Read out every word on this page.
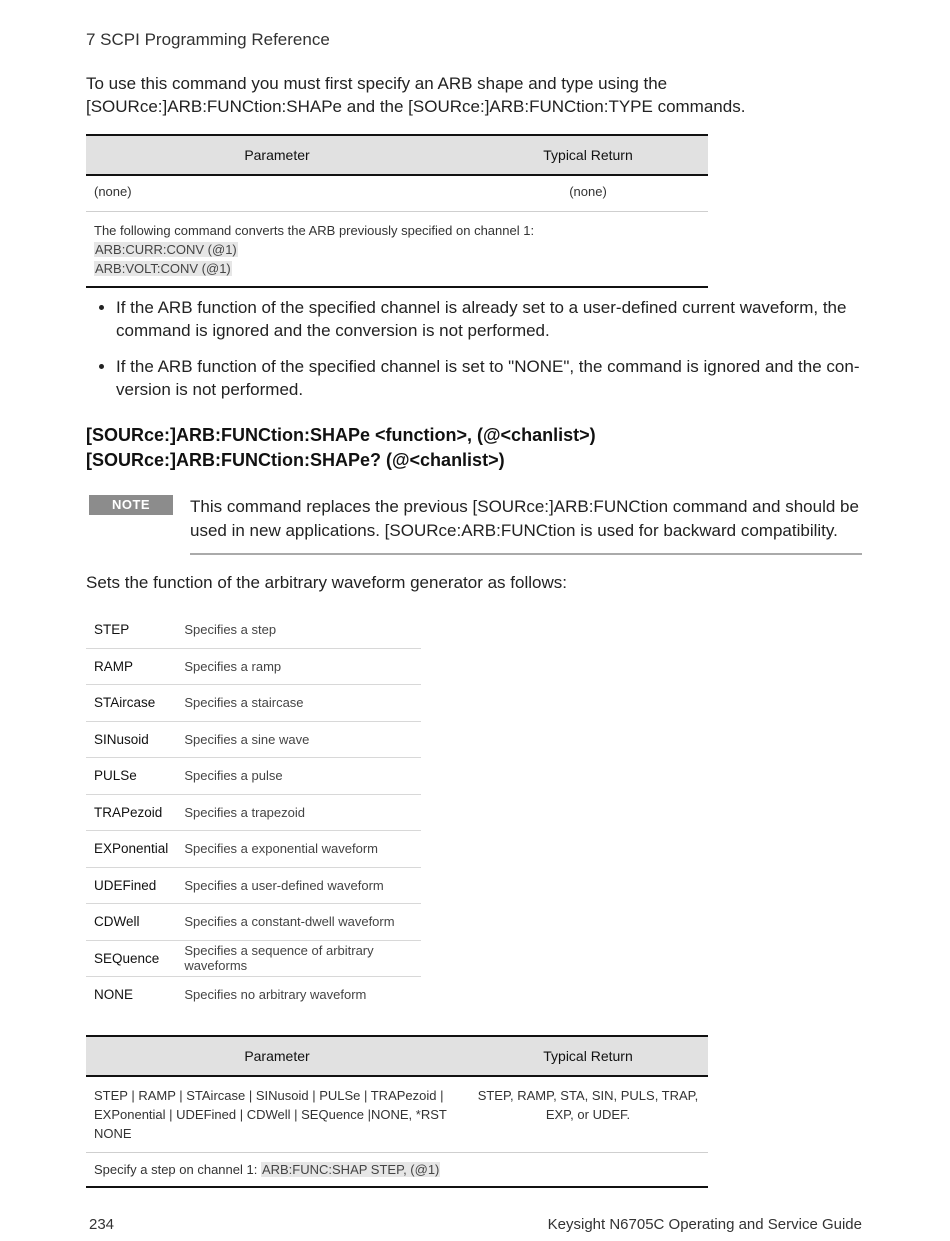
7 SCPI Programming Reference

To use this command you must first specify an ARB shape and type using the

[SOURce:]ARB:FUNCtion:SHAPe and the [SOURce:]ARB:FUNCtion:TYPE commands.

Parameter	Typical Return
(none)	(none)

The following command converts the ARB previously specified on channel 1:
ARB:CURR:CONV (@1)
ARB:VOLT:CONV (@1)	
• If the ARB function of the specified channel is already set to a user-defined current waveform, the command is ignored and the conversion is not performed.
• If the ARB function of the specified channel is set to "NONE", the command is ignored and the con-version is not performed.
[SOURce:]ARB:FUNCtion:SHAPe <function>, (@<chanlist>)
[SOURce:]ARB:FUNCtion:SHAPe? (@<chanlist>)
NOTE	This command replaces the previous [SOURce:]ARB:FUNCtion command and should be used in new applications. [SOURce:ARB:FUNCtion is used for backward compatibility.
Sets the function of the arbitrary waveform generator as follows:
STEP	Specifies a step
RAMP	Specifies a ramp
STAircase	Specifies a staircase
SINusoid	Specifies a sine wave
PULSe	Specifies a pulse
TRAPezoid	Specifies a trapezoid
EXPonential	Specifies a exponential waveform
UDEFined	Specifies a user-defined waveform
CDWell	Specifies a constant-dwell waveform
SEQuence	Specifies a sequence of arbitrary waveforms
NONE	Specifies no arbitrary waveform
Parameter	Typical Return
STEP | RAMP | STAircase | SINusoid | PULSe | TRAPezoid | EXPonential | UDEFined | CDWell | SEQuence |NONE, *RST NONE	STEP, RAMP, STA, SIN, PULS, TRAP, EXP, or UDEF.
Specify a step on channel 1: ARB:FUNC:SHAP STEP, (@1)	
234	Keysight N6705C Operating and Service Guide
